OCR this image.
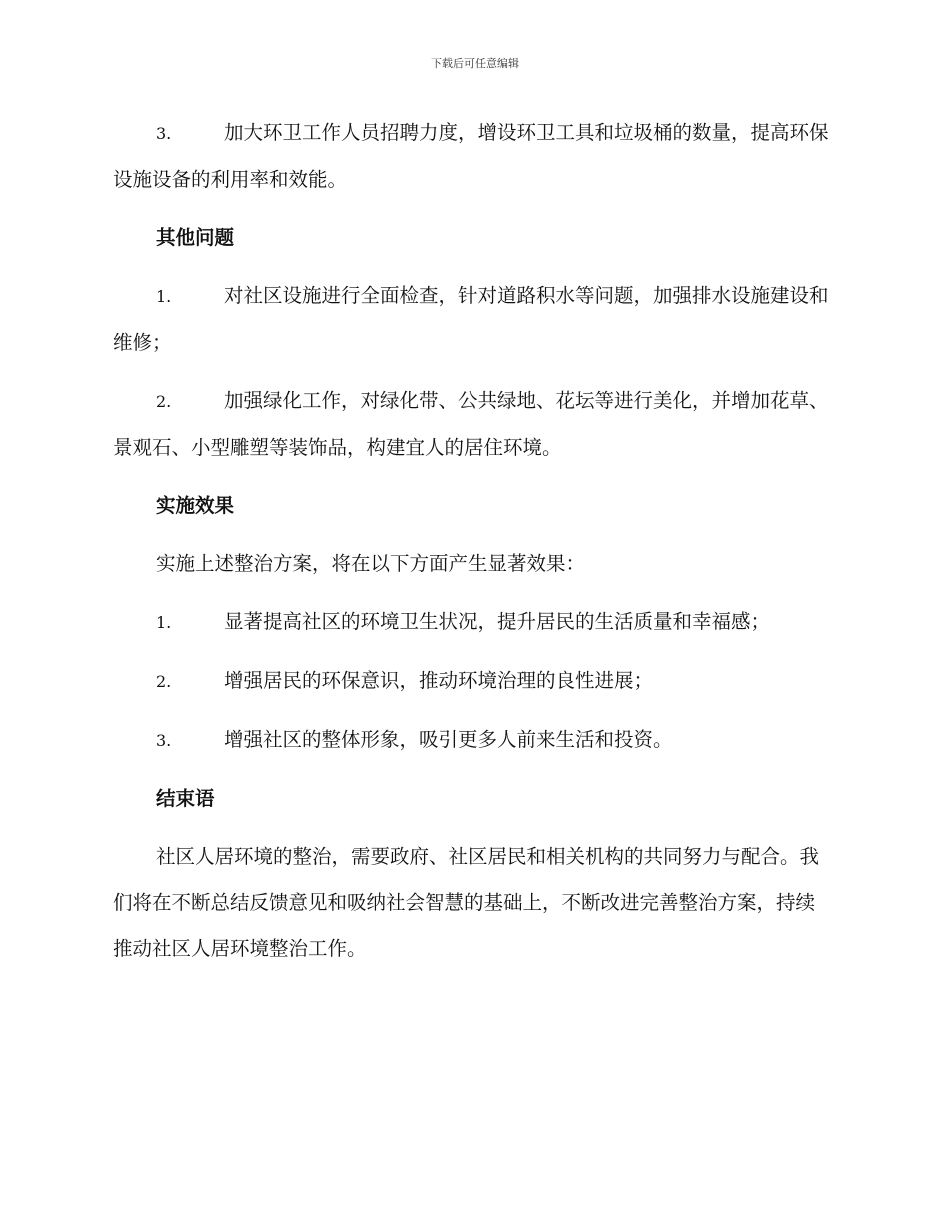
下载后可任意编辑
3.	加大环卫工作人员招聘力度，增设环卫工具和垃圾桶的数量，提高环保设施设备的利用率和效能。
其他问题
1.	对社区设施进行全面检查，针对道路积水等问题，加强排水设施建设和维修；
2.	加强绿化工作，对绿化带、公共绿地、花坛等进行美化，并增加花草、景观石、小型雕塑等装饰品，构建宜人的居住环境。
实施效果
实施上述整治方案，将在以下方面产生显著效果：
1.	显著提高社区的环境卫生状况，提升居民的生活质量和幸福感；
2.	增强居民的环保意识，推动环境治理的良性进展；
3.	增强社区的整体形象，吸引更多人前来生活和投资。
结束语
社区人居环境的整治，需要政府、社区居民和相关机构的共同努力与配合。我们将在不断总结反馈意见和吸纳社会智慧的基础上，不断改进完善整治方案，持续推动社区人居环境整治工作。
